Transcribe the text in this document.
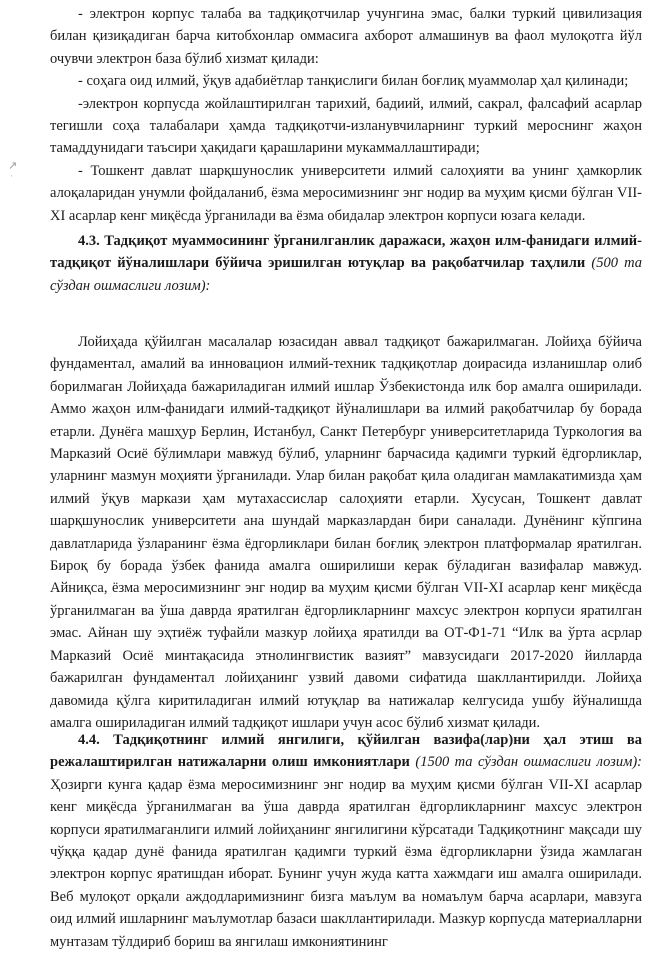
↗
·

- электрон корпус талаба ва тадқиқотчилар учунгина эмас, балки туркий цивилизация билан қизиқадиган барча китобхонлар оммасига ахборот алмашинув ва фаол мулоқотга йўл очувчи электрон база бўлиб хизмат қилади:

- соҳага оид илмий, ўқув адабиётлар танқислиги билан боғлиқ муаммолар ҳал қилинади;

-электрон корпусда жойлаштирилган тарихий, бадиий, илмий, сакрал, фалсафий асарлар тегишли соҳа талабалари ҳамда тадқиқотчи-изланувчиларнинг туркий мероснинг жаҳон тамаддунидаги таъсири ҳақидаги қарашларини мукаммаллаштиради;

- Тошкент давлат шарқшунослик университети илмий салоҳияти ва унинг ҳамкорлик алоқаларидан унумли фойдаланиб, ёзма меросимизнинг энг нодир ва муҳим қисми бўлган VII-XI асарлар кенг миқёсда ўрганилади ва ёзма обидалар электрон корпуси юзага келади.

4.3. Тадқиқот муаммосининг ўрганилганлик даражаси, жаҳон илм-фанидаги илмий-тадқиқот йўналишлари бўйича эришилган ютуқлар ва рақобатчилар таҳлили (500 та сўздан ошмаслиги лозим):

Лойиҳада қўйилган масалалар юзасидан аввал тадқиқот бажарилмаган. Лойиҳа бўйича фундаментал, амалий ва инновацион илмий-техник тадқиқотлар доирасида изланишлар олиб борилмаган Лойиҳада бажариладиган илмий ишлар Ўзбекистонда илк бор амалга оширилади. Аммо жаҳон илм-фанидаги илмий-тадқиқот йўналишлари ва илмий рақобатчилар бу борада етарли. Дунёга машҳур Берлин, Истанбул, Санкт Петербург университетларида Туркология ва Марказий Осиё бўлимлари мавжуд бўлиб, уларнинг барчасида қадимги туркий ёдгорликлар, уларнинг мазмун моҳияти ўрганилади. Улар билан рақобат қила оладиган мамлакатимизда ҳам илмий ўқув маркази ҳам мутахассислар салоҳияти етарли. Хусусан, Тошкент давлат шарқшунослик университети ана шундай марказлардан бири саналади. Дунёнинг кўпгина давлатларида ўзларанинг ёзма ёдгорликлари билан боғлиқ электрон платформалар яратилган. Бироқ бу борада ўзбек фанида амалга оширилиши керак бўладиган вазифалар мавжуд. Айниқса, ёзма меросимизнинг энг нодир ва муҳим қисми бўлган VII-XI асарлар кенг миқёсда ўрганилмаган ва ўша даврда яратилган ёдгорликларнинг махсус электрон корпуси яратилган эмас. Айнан шу эҳтиёж туфайли мазкур лойиҳа яратилди ва ОТ-Ф1-71 “Илк ва ўрта асрлар Марказий Осиё минтақасида этнолингвистик вазият” мавзусидаги 2017-2020 йилларда бажарилган фундаментал лойиҳанинг узвий давоми сифатида шакллантирилди. Лойиҳа давомида қўлга киритиладиган илмий ютуқлар ва натижалар келгусида ушбу йўналишда амалга ошириладиган илмий тадқиқот ишлари учун асос бўлиб хизмат қилади.

4.4. Тадқиқотнинг илмий янгилиги, қўйилган вазифа(лар)ни ҳал этиш ва режалаштирилган натижаларни олиш имкониятлари (1500 та сўздан ошмаслиги лозим): Ҳозирги кунга қадар ёзма меросимизнинг энг нодир ва муҳим қисми бўлган VII-XI асарлар кенг миқёсда ўрганилмаган ва ўша даврда яратилган ёдгорликларнинг махсус электрон корпуси яратилмаганлиги илмий лойиҳанинг янгилигини кўрсатади Тадқиқотнинг мақсади шу чўққа қадар дунё фанида яратилган қадимги туркий ёзма ёдгорликларни ўзида жамлаган электрон корпус яратишдан иборат. Бунинг учун жуда катта хажмдаги иш амалга оширилади. Веб мулоқот орқали аждодларимизнинг бизга маълум ва номаълум барча асарлари, мавзуга оид илмий ишларнинг маълумотлар базаси шакллантирилади. Мазкур корпусда материалларни мунтазам тўлдириб бориш ва янгилаш имкониятининг
